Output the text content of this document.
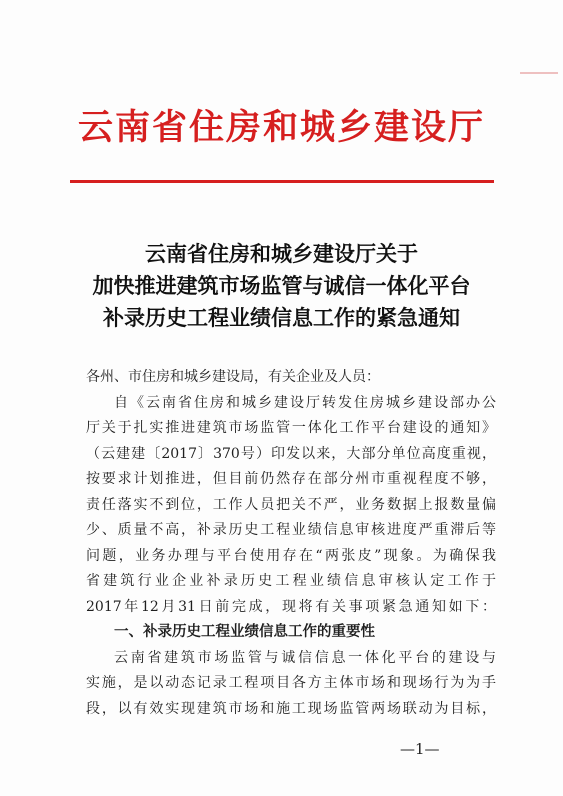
云南省住房和城乡建设厅
云南省住房和城乡建设厅关于
加快推进建筑市场监管与诚信一体化平台
补录历史工程业绩信息工作的紧急通知
各州、市住房和城乡建设局，有关企业及人员：
自《云南省住房和城乡建设厅转发住房城乡建设部办公
厅关于扎实推进建筑市场监管一体化工作平台建设的通知》
（云建建〔2017〕370号）印发以来，大部分单位高度重视，
按要求计划推进，但目前仍然存在部分州市重视程度不够，
责任落实不到位，工作人员把关不严，业务数据上报数量偏
少、质量不高，补录历史工程业绩信息审核进度严重滞后等
问题，业务办理与平台使用存在“两张皮”现象。为确保我
省建筑行业企业补录历史工程业绩信息审核认定工作于
2017年12月31日前完成，现将有关事项紧急通知如下：
一、补录历史工程业绩信息工作的重要性
云南省建筑市场监管与诚信信息一体化平台的建设与
实施，是以动态记录工程项目各方主体市场和现场行为为手
段，以有效实现建筑市场和施工现场监管两场联动为目标，
—1—
